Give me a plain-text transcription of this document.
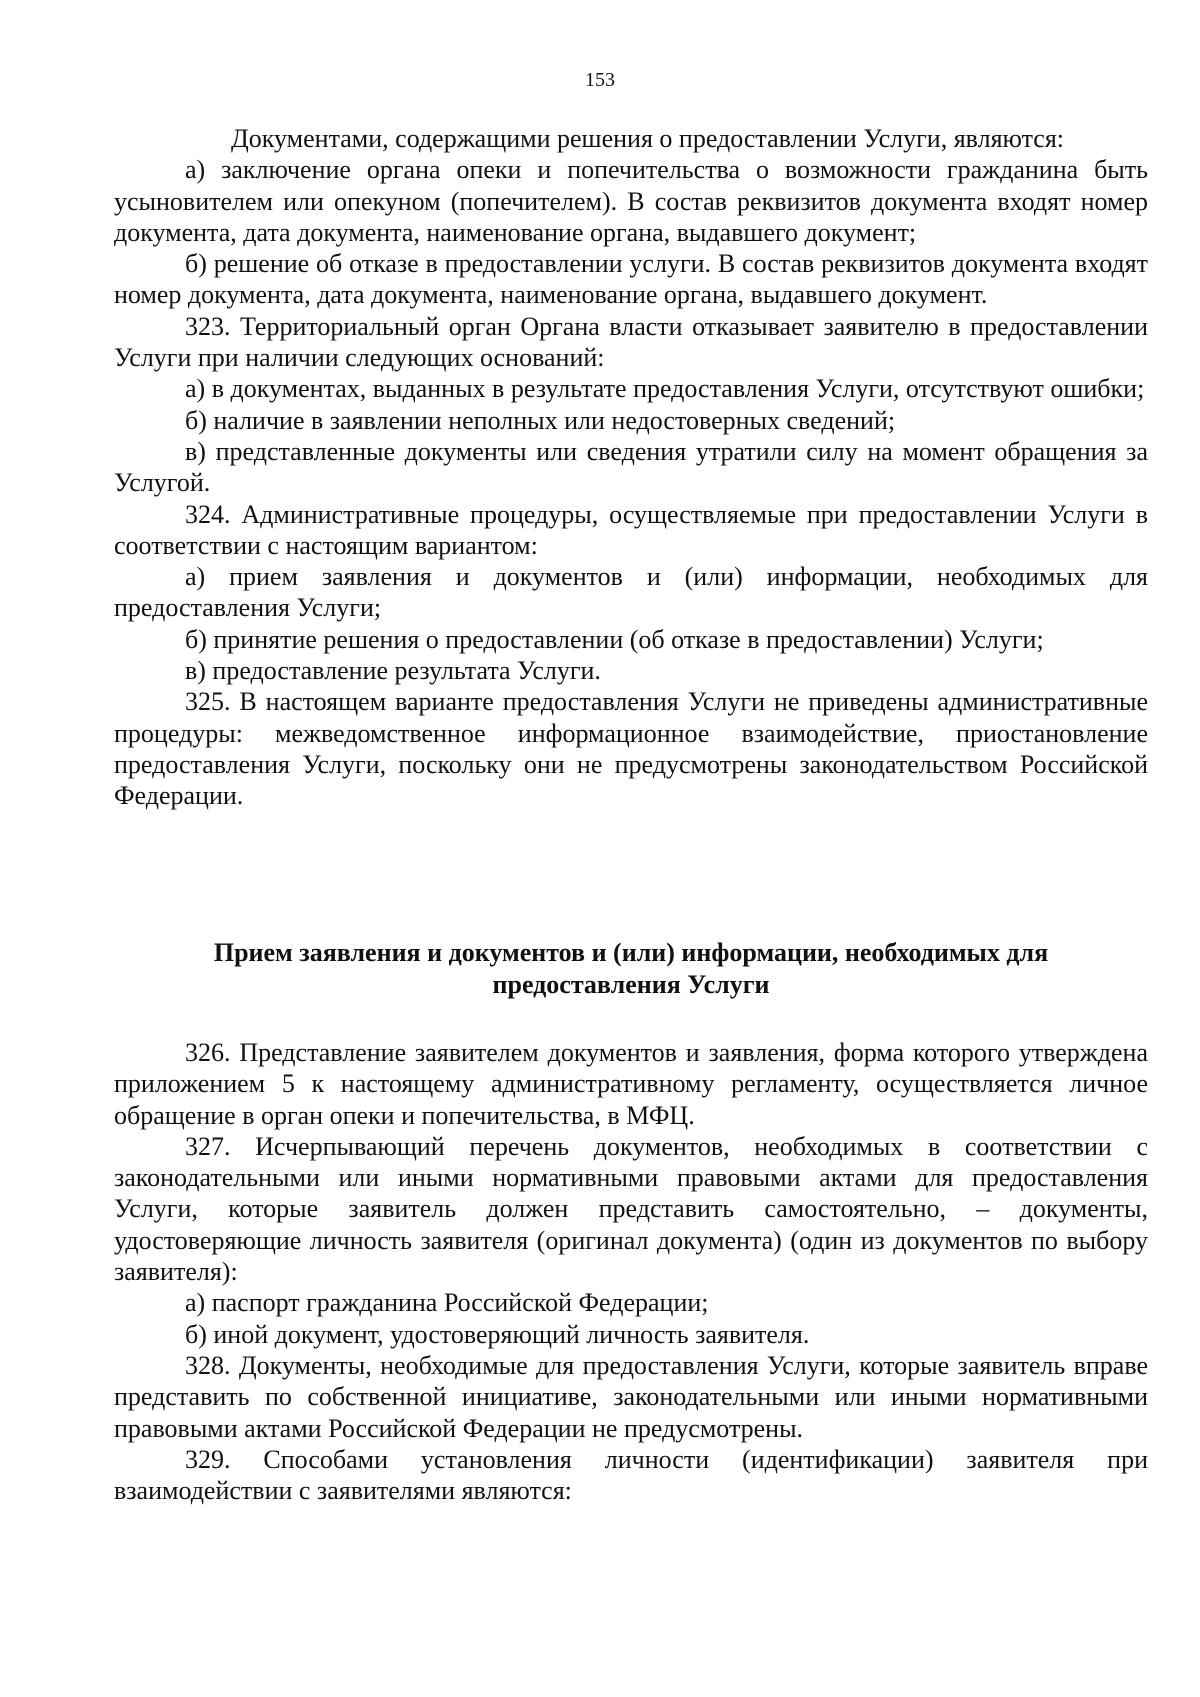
153

Документами, содержащими решения о предоставлении Услуги, являются:

а) заключение органа опеки и попечительства о возможности гражданина быть усыновителем или опекуном (попечителем). В состав реквизитов документа входят номер документа, дата документа, наименование органа, выдавшего документ;

б) решение об отказе в предоставлении услуги. В состав реквизитов документа входят номер документа, дата документа, наименование органа, выдавшего документ.

323. Территориальный орган Органа власти отказывает заявителю в предоставлении Услуги при наличии следующих оснований:

а) в документах, выданных в результате предоставления Услуги, отсутствуют ошибки;

б) наличие в заявлении неполных или недостоверных сведений;

в) представленные документы или сведения утратили силу на момент обращения за Услугой.

324. Административные процедуры, осуществляемые при предоставлении Услуги в соответствии с настоящим вариантом:

а) прием заявления и документов и (или) информации, необходимых для предоставления Услуги;

б) принятие решения о предоставлении (об отказе в предоставлении) Услуги;

в) предоставление результата Услуги.

325. В настоящем варианте предоставления Услуги не приведены административные процедуры: межведомственное информационное взаимодействие, приостановление предоставления Услуги, поскольку они не предусмотрены законодательством Российской Федерации.

Прием заявления и документов и (или) информации, необходимых для
предоставления Услуги

326. Представление заявителем документов и заявления, форма которого утверждена приложением 5 к настоящему административному регламенту, осуществляется личное обращение в орган опеки и попечительства, в МФЦ.

327. Исчерпывающий перечень документов, необходимых в соответствии с законодательными или иными нормативными правовыми актами для предоставления Услуги, которые заявитель должен представить самостоятельно, – документы, удостоверяющие личность заявителя (оригинал документа) (один из документов по выбору заявителя):

а) паспорт гражданина Российской Федерации;

б) иной документ, удостоверяющий личность заявителя.

328. Документы, необходимые для предоставления Услуги, которые заявитель вправе представить по собственной инициативе, законодательными или иными нормативными правовыми актами Российской Федерации не предусмотрены.

329. Способами установления личности (идентификации) заявителя при взаимодействии с заявителями являются:
